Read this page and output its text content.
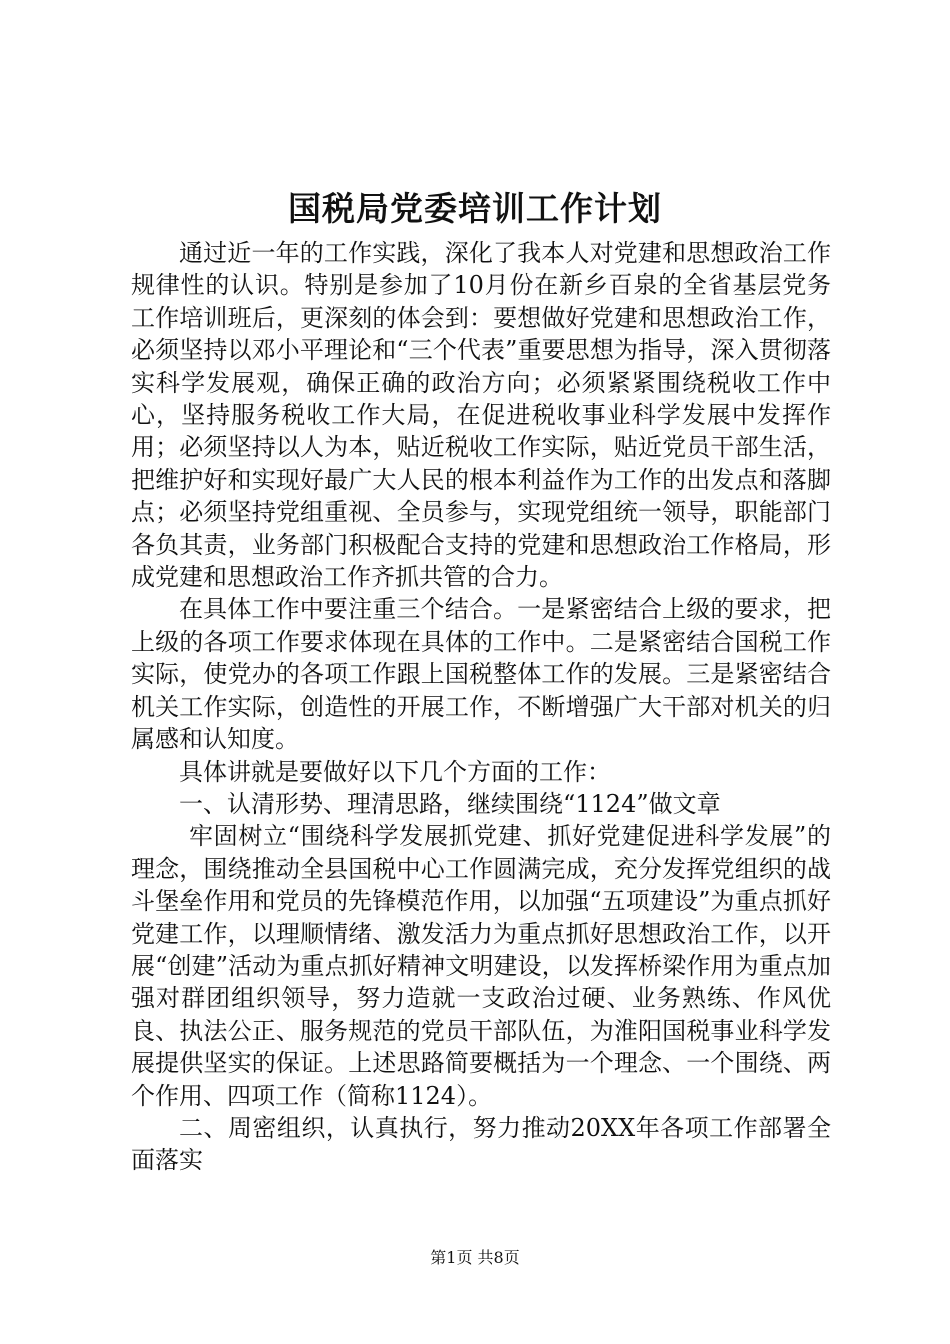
国税局党委培训工作计划

通过近一年的工作实践，深化了我本人对党建和思想政治工作规律性的认识。特别是参加了10月份在新乡百泉的全省基层党务工作培训班后，更深刻的体会到：要想做好党建和思想政治工作，必须坚持以邓小平理论和“三个代表”重要思想为指导，深入贯彻落实科学发展观，确保正确的政治方向；必须紧紧围绕税收工作中心，坚持服务税收工作大局，在促进税收事业科学发展中发挥作用；必须坚持以人为本，贴近税收工作实际，贴近党员干部生活，把维护好和实现好最广大人民的根本利益作为工作的出发点和落脚点；必须坚持党组重视、全员参与，实现党组统一领导，职能部门各负其责，业务部门积极配合支持的党建和思想政治工作格局，形成党建和思想政治工作齐抓共管的合力。

在具体工作中要注重三个结合。一是紧密结合上级的要求，把上级的各项工作要求体现在具体的工作中。二是紧密结合国税工作实际，使党办的各项工作跟上国税整体工作的发展。三是紧密结合机关工作实际，创造性的开展工作，不断增强广大干部对机关的归属感和认知度。

具体讲就是要做好以下几个方面的工作：

一、认清形势、理清思路，继续围绕“1124”做文章

牢固树立“围绕科学发展抓党建、抓好党建促进科学发展”的理念，围绕推动全县国税中心工作圆满完成，充分发挥党组织的战斗堡垒作用和党员的先锋模范作用，以加强“五项建设”为重点抓好党建工作，以理顺情绪、激发活力为重点抓好思想政治工作，以开展“创建”活动为重点抓好精神文明建设，以发挥桥梁作用为重点加强对群团组织领导，努力造就一支政治过硬、业务熟练、作风优良、执法公正、服务规范的党员干部队伍，为淮阳国税事业科学发展提供坚实的保证。上述思路简要概括为一个理念、一个围绕、两个作用、四项工作（简称1124）。

二、周密组织，认真执行，努力推动20XX年各项工作部署全面落实

第1页 共8页
